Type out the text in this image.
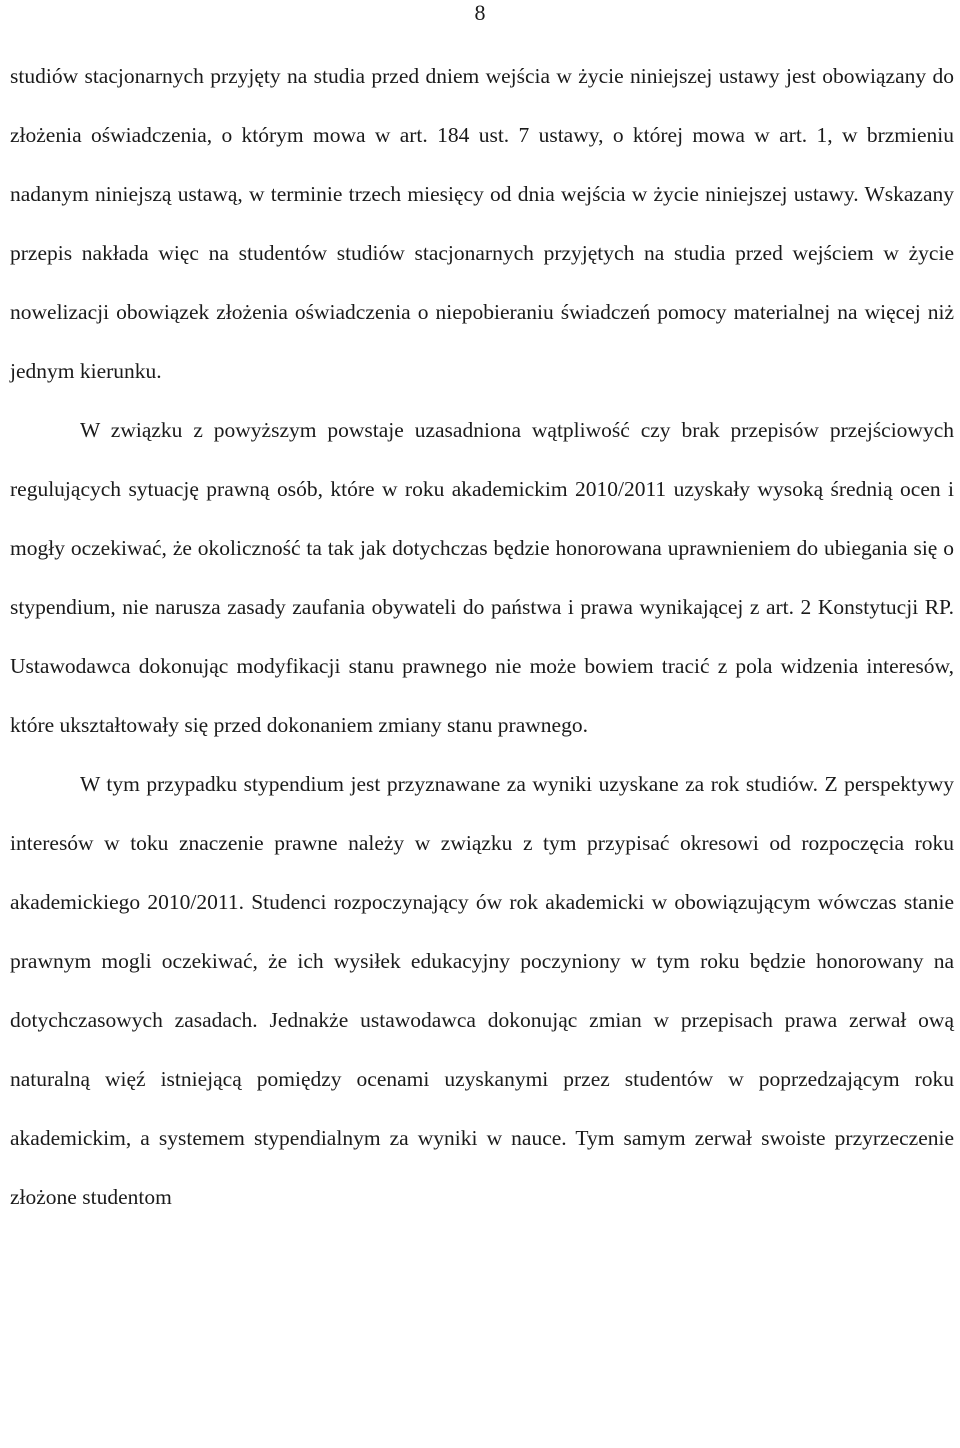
8

studiów stacjonarnych przyjęty na studia przed dniem wejścia w życie niniejszej ustawy jest obowiązany do złożenia oświadczenia, o którym mowa w art. 184 ust. 7 ustawy, o której mowa w art. 1, w brzmieniu nadanym niniejszą ustawą, w terminie trzech miesięcy od dnia wejścia w życie niniejszej ustawy. Wskazany przepis nakłada więc na studentów studiów stacjonarnych przyjętych na studia przed wejściem w życie nowelizacji obowiązek złożenia oświadczenia o niepobieraniu świadczeń pomocy materialnej na więcej niż jednym kierunku.

W związku z powyższym powstaje uzasadniona wątpliwość czy brak przepisów przejściowych regulujących sytuację prawną osób, które w roku akademickim 2010/2011 uzyskały wysoką średnią ocen i mogły oczekiwać, że okoliczność ta tak jak dotychczas będzie honorowana uprawnieniem do ubiegania się o stypendium, nie narusza zasady zaufania obywateli do państwa i prawa wynikającej z art. 2 Konstytucji RP. Ustawodawca dokonując modyfikacji stanu prawnego nie może bowiem tracić z pola widzenia interesów, które ukształtowały się przed dokonaniem zmiany stanu prawnego.

W tym przypadku stypendium jest przyznawane za wyniki uzyskane za rok studiów. Z perspektywy interesów w toku znaczenie prawne należy w związku z tym przypisać okresowi od rozpoczęcia roku akademickiego 2010/2011. Studenci rozpoczynający ów rok akademicki w obowiązującym wówczas stanie prawnym mogli oczekiwać, że ich wysiłek edukacyjny poczyniony w tym roku będzie honorowany na dotychczasowych zasadach. Jednakże ustawodawca dokonując zmian w przepisach prawa zerwał ową naturalną więź istniejącą pomiędzy ocenami uzyskanymi przez studentów w poprzedzającym roku akademickim, a systemem stypendialnym za wyniki w nauce. Tym samym zerwał swoiste przyrzeczenie złożone studentom
